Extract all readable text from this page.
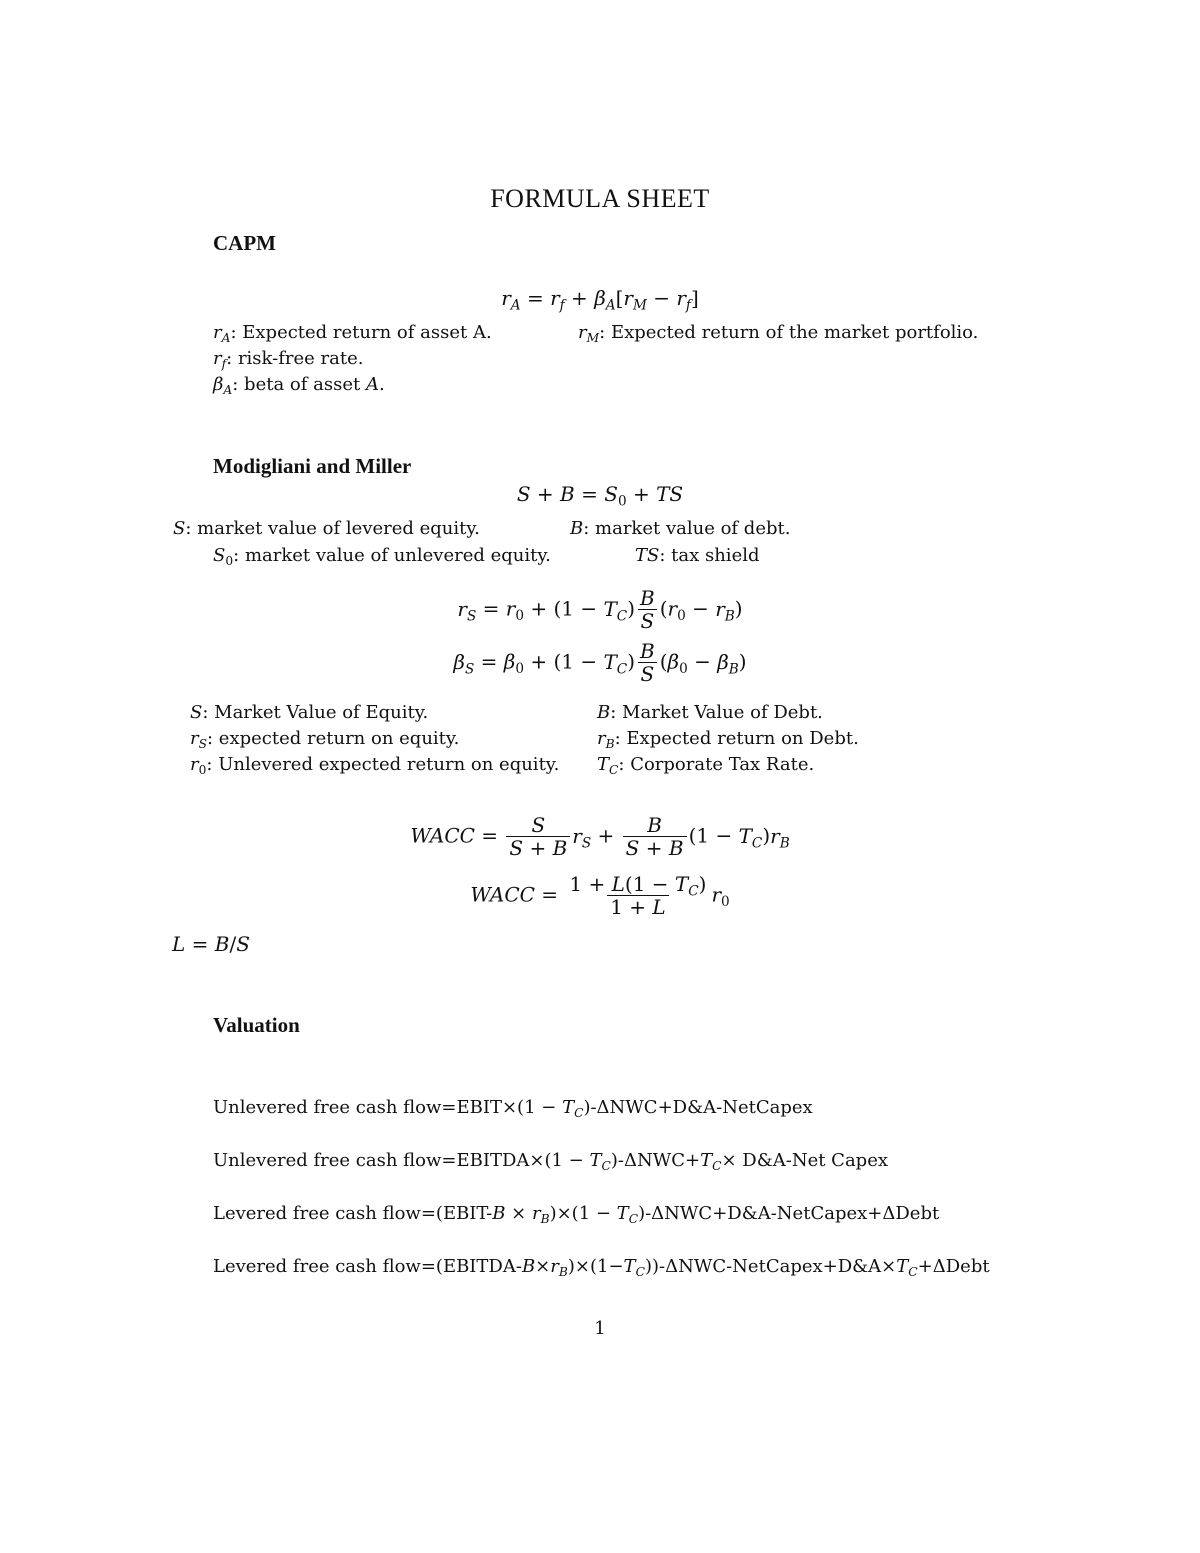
FORMULA SHEET
CAPM
$r_A = r_f + \beta_A[r_M - r_f]$
$r_A$: Expected return of asset A.	$r_M$: Expected return of the market portfolio.
$r_f$: risk-free rate.
$\beta_A$: beta of asset A.
Modigliani and Miller
$S + B = S_0$ + TS
S: market value of levered equity.	B: market value of debt.
$S_0$: market value of unlevered equity.	TS: tax shield
$r_S = r_0 + (1 - T_C) \frac{B}{S} (r_0 - r_B)$
$\beta_S = \beta_0 + (1 - T_C) \frac{B}{S} (\beta_0 - \beta_B)$
S: Market Value of Equity.	B: Market Value of Debt.
$r_S$: expected return on equity.	$r_B$: Expected return on Debt.
$r_0$: Unlevered expected return on equity. $T_C$: Corporate Tax Rate.
WACC = $\frac{S}{S + B} r_S + \frac{B}{S + B} (1 - T_C)r_B$
WACC = $\frac{1 + L(1 - T_C)}{1 + L} r_0$
L = B/S
Valuation
Unlevered free cash flow=EBIT×(1 − $T_C)-\Delta NWC+D\&A$-NetCapex
Unlevered free cash flow=EBITDA×(1 − $T_C)-\Delta NWC+T_C\times$ D&A-Net Capex
Levered free cash flow=(EBIT-B × $r_B)\times(1$ − $T_C)-\Delta NWC+D\&A-NetCapex+\Delta Debt$
Levered free cash $flow=(EBITDA-B\times r_B)\times(1-T_C))-\Delta NWC-NetCapex+D\&A\times T_C+\Delta Debt$
1
